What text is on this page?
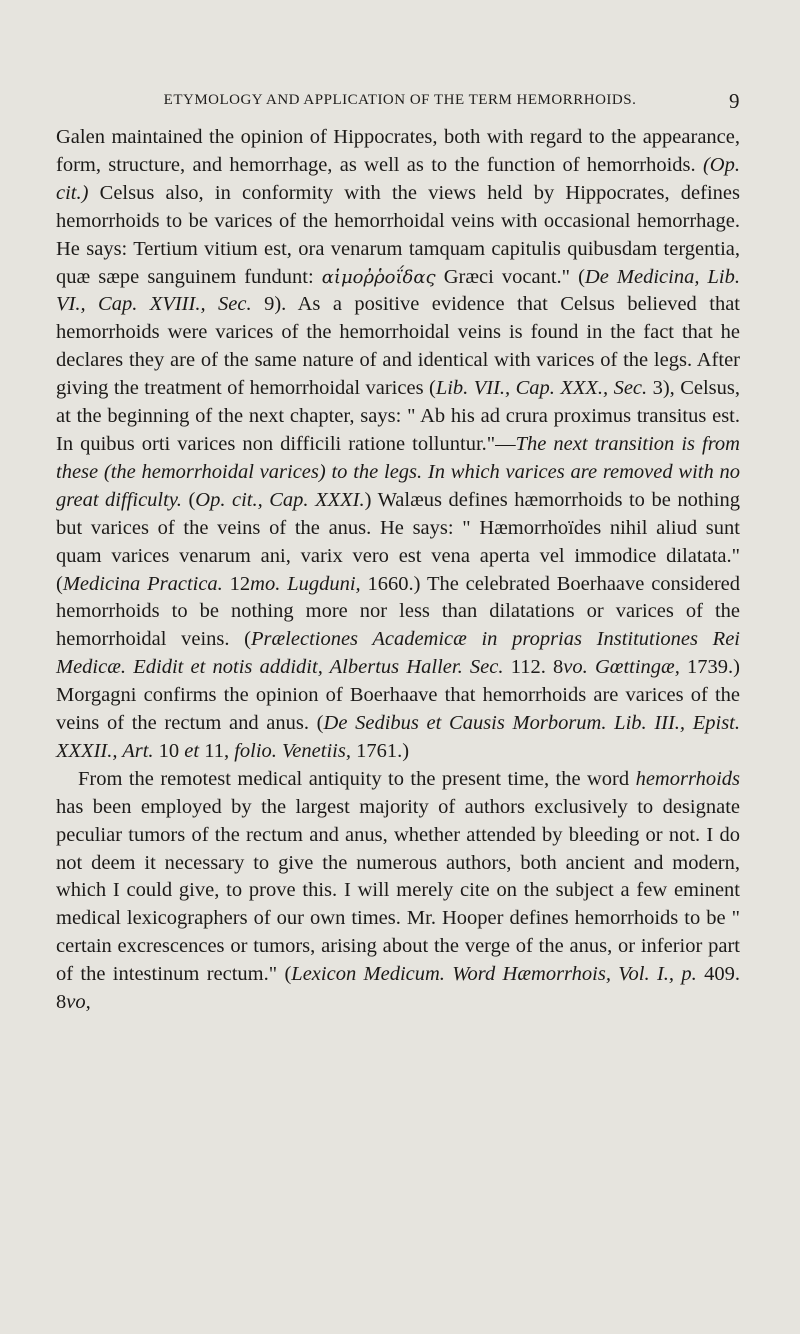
ETYMOLOGY AND APPLICATION OF THE TERM HEMORRHOIDS.	9

Galen maintained the opinion of Hippocrates, both with regard to the appearance, form, structure, and hemorrhage, as well as to the function of hemorrhoids. (Op. cit.) Celsus also, in conformity with the views held by Hippocrates, defines hemorrhoids to be varices of the hemorrhoidal veins with occasional hemorrhage. He says: Tertium vitium est, ora venarum tamquam capitulis quibusdam tergentia, quæ sæpe sanguinem fundunt: αἱμοῤῥοΐδας Græci vocant." (De Medicina, Lib. VI., Cap. XVIII., Sec. 9). As a positive evidence that Celsus believed that hemorrhoids were varices of the hemorrhoidal veins is found in the fact that he declares they are of the same nature of and identical with varices of the legs. After giving the treatment of hemorrhoidal varices (Lib. VII., Cap. XXX., Sec. 3), Celsus, at the beginning of the next chapter, says: " Ab his ad crura proximus transitus est. In quibus orti varices non difficili ratione tolluntur."—The next transition is from these (the hemorrhoidal varices) to the legs. In which varices are removed with no great difficulty. (Op. cit., Cap. XXXI.) Walæus defines hæmorrhoids to be nothing but varices of the veins of the anus. He says: " Hæmorrhoïdes nihil aliud sunt quam varices venarum ani, varix vero est vena aperta vel immodice dilatata." (Medicina Practica. 12mo. Lugduni, 1660.) The celebrated Boerhaave considered hemorrhoids to be nothing more nor less than dilatations or varices of the hemorrhoidal veins. (Prælectiones Academicæ in proprias Institutiones Rei Medicæ. Edidit et notis addidit, Albertus Haller. Sec. 112. 8vo. Gœttingæ, 1739.) Morgagni confirms the opinion of Boerhaave that hemorrhoids are varices of the veins of the rectum and anus. (De Sedibus et Causis Morborum. Lib. III., Epist. XXXII., Art. 10 et 11, folio. Venetiis, 1761.)

From the remotest medical antiquity to the present time, the word hemorrhoids has been employed by the largest majority of authors exclusively to designate peculiar tumors of the rectum and anus, whether attended by bleeding or not. I do not deem it necessary to give the numerous authors, both ancient and modern, which I could give, to prove this. I will merely cite on the subject a few eminent medical lexicographers of our own times. Mr. Hooper defines hemorrhoids to be " certain excrescences or tumors, arising about the verge of the anus, or inferior part of the intestinum rectum." (Lexicon Medicum. Word Hæmorrhois, Vol. I., p. 409. 8vo,
